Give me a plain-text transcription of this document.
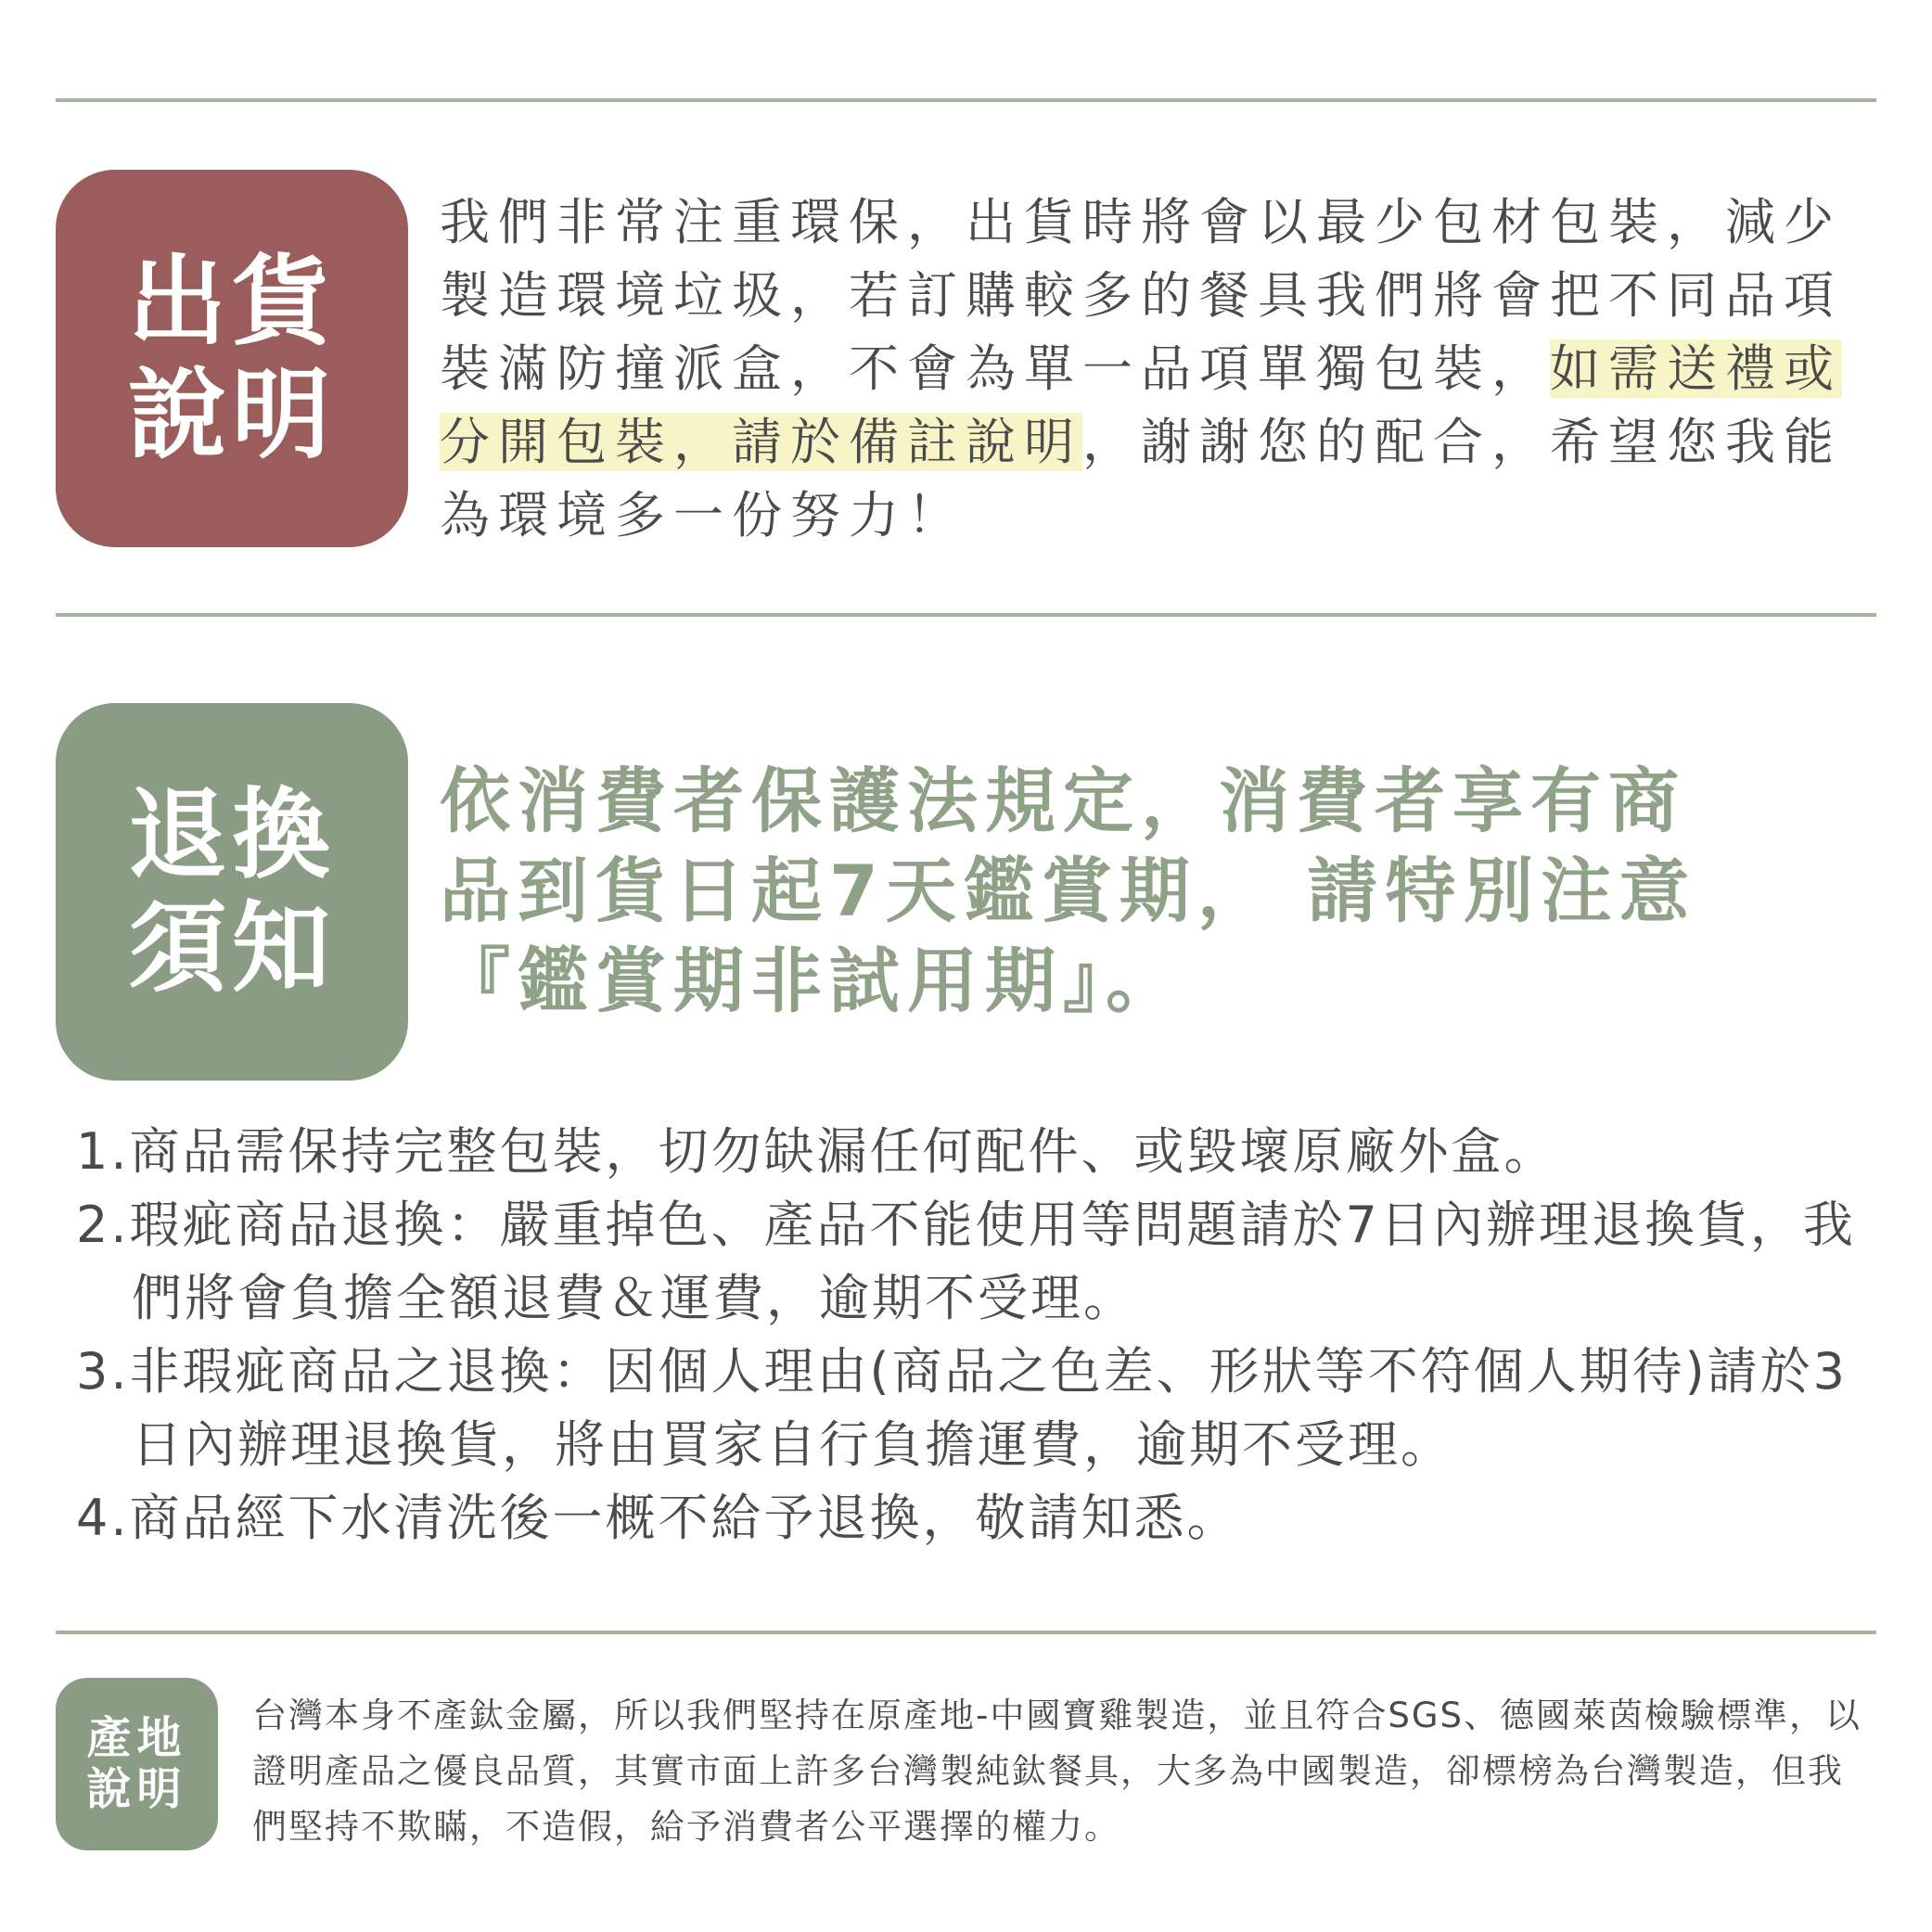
出貨
說明

我們非常注重環保，出貨時將會以最少包材包裝，減少製造環境垃圾，若訂購較多的餐具我們將會把不同品項裝滿防撞派盒，不會為單一品項單獨包裝，如需送禮或分開包裝，請於備註說明，謝謝您的配合，希望您我能為環境多一份努力！

退換
須知
依消費者保護法規定，消費者享有商
品到貨日起7天鑑賞期， 請特別注意
『鑑賞期非試用期』。
1.商品需保持完整包裝，切勿缺漏任何配件、或毀壞原廠外盒。
2.瑕疵商品退換：嚴重掉色、產品不能使用等問題請於7日內辦理退換貨，我們將會負擔全額退費＆運費，逾期不受理。
3.非瑕疵商品之退換：因個人理由(商品之色差、形狀等不符個人期待)請於3日內辦理退換貨，將由買家自行負擔運費，逾期不受理。
4.商品經下水清洗後一概不給予退換，敬請知悉。
產地
說明

台灣本身不產鈦金屬，所以我們堅持在原產地-中國寶雞製造，並且符合SGS、德國萊茵檢驗標準，以證明產品之優良品質，其實市面上許多台灣製純鈦餐具，大多為中國製造，卻標榜為台灣製造，但我們堅持不欺瞞，不造假，給予消費者公平選擇的權力。
